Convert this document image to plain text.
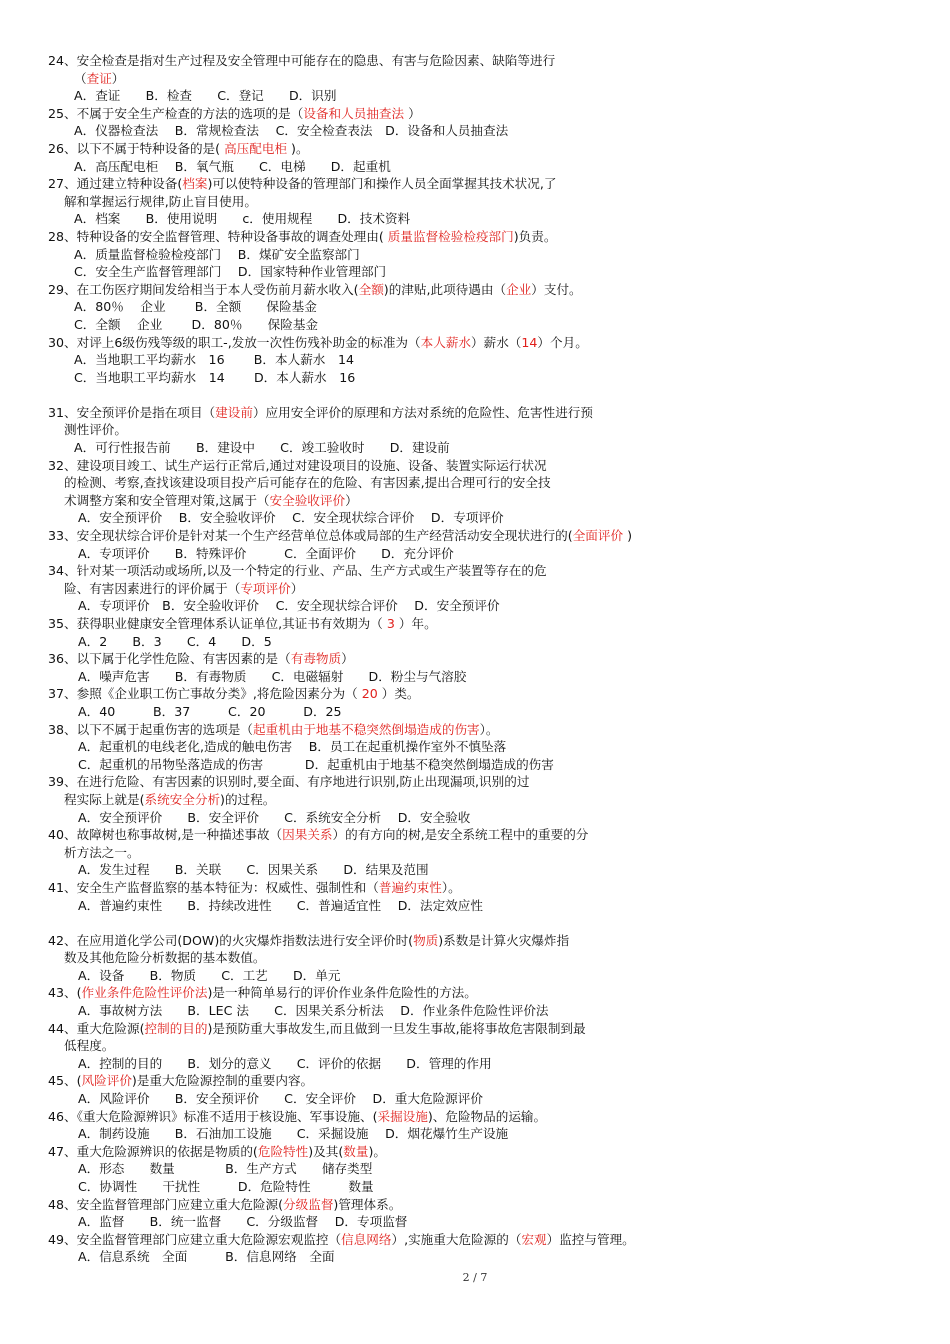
24、安全检查是指对生产过程及安全管理中可能存在的隐患、有害与危险因素、缺陷等进行
（查证）
A．查证　　B．检查　　C．登记　　D．识别
25、不属于安全生产检查的方法的选项的是（设备和人员抽查法 ）
A．仪器检查法　 B．常规检查法　 C．安全检查表法　D．设备和人员抽查法
26、以下不属于特种设备的是( 高压配电柜 )。
A．高压配电柜　 B．氧气瓶　　C．电梯　　D．起重机
27、通过建立特种设备(档案)可以使特种设备的管理部门和操作人员全面掌握其技术状况,了
解和掌握运行规律,防止盲目使用。
A．档案　　B．使用说明　　c．使用规程　　D．技术资料
28、特种设备的安全监督管理、特种设备事故的调查处理由( 质量监督检验检疫部门)负责。
A．质量监督检验检疫部门　 B．煤矿安全监察部门
C．安全生产监督管理部门　 D．国家特种作业管理部门
29、在工伤医疗期间发给相当于本人受伤前月薪水收入(全额)的津贴,此项待遇由（企业）支付。
A．80％　 企业　　 B．全额　　保险基金
C．全额　 企业　　 D．80％　　保险基金
30、对评上6级伤残等级的职工-,发放一次性伤残补助金的标准为（本人薪水）薪水（14）个月。
A．当地职工平均薪水　16　　 B．本人薪水　14
C．当地职工平均薪水　14　　 D．本人薪水　16
31、安全预评价是指在项目（建设前）应用安全评价的原理和方法对系统的危险性、危害性进行预
测性评价。
A．可行性报告前　　B．建设中　　C．竣工验收时　　D．建设前
32、建设项目竣工、试生产运行正常后,通过对建设项目的设施、设备、装置实际运行状况
的检测、考察,查找该建设项目投产后可能存在的危险、有害因素,提出合理可行的安全技
术调整方案和安全管理对策,这属于（安全验收评价）
A．安全预评价　 B．安全验收评价　 C．安全现状综合评价　 D．专项评价
33、安全现状综合评价是针对某一个生产经营单位总体或局部的生产经营活动安全现状进行的(全面评价 )
A．专项评价　　B．特殊评价　　　C．全面评价　　D．充分评价
34、针对某一项活动或场所,以及一个特定的行业、产品、生产方式或生产装置等存在的危
险、有害因素进行的评价属于（专项评价）
A．专项评价　B．安全验收评价　 C．安全现状综合评价　 D．安全预评价
35、获得职业健康安全管理体系认证单位,其证书有效期为（ 3 ）年。
A．2　　B．3　　C．4　　D．5
36、以下属于化学性危险、有害因素的是（有毒物质）
A．噪声危害　　B．有毒物质　　C．电磁辐射　　D．粉尘与气溶胶
37、参照《企业职工伤亡事故分类》,将危险因素分为（ 20 ）类。
A．40　　　B．37　　　C．20　　　D．25
38、以下不属于起重伤害的选项是（起重机由于地基不稳突然倒塌造成的伤害）。
A．起重机的电线老化,造成的触电伤害　 B．员工在起重机操作室外不慎坠落
C．起重机的吊物坠落造成的伤害　　　 D．起重机由于地基不稳突然倒塌造成的伤害
39、在进行危险、有害因素的识别时,要全面、有序地进行识别,防止出现漏项,识别的过
程实际上就是(系统安全分析)的过程。
A．安全预评价　　B．安全评价　　C．系统安全分析　 D．安全验收
40、故障树也称事故树,是一种描述事故（因果关系）的有方向的树,是安全系统工程中的重要的分
析方法之一。
A．发生过程　　B．关联　　C．因果关系　　D．结果及范围
41、安全生产监督监察的基本特征为：权威性、强制性和（普遍约束性）。
A．普遍约束性　　B．持续改进性　　C．普遍适宜性　 D．法定效应性
42、在应用道化学公司(DOW)的火灾爆炸指数法进行安全评价时(物质)系数是计算火灾爆炸指
数及其他危险分析数据的基本数值。
A．设备　　B．物质　　C．工艺　　D．单元
43、(作业条件危险性评价法)是一种简单易行的评价作业条件危险性的方法。
A．事故树方法　　B．LEC 法　　C．因果关系分析法　 D．作业条件危险性评价法
44、重大危险源(控制的目的)是预防重大事故发生,而且做到一旦发生事故,能将事故危害限制到最
低程度。
A．控制的目的　　B．划分的意义　　C．评价的依据　　D．管理的作用
45、(风险评价)是重大危险源控制的重要内容。
A．风险评价　　B．安全预评价　　C．安全评价　 D．重大危险源评价
46、《重大危险源辨识》标准不适用于核设施、军事设施、(采掘设施)、危险物品的运输。
A．制药设施　　B．石油加工设施　　C．采掘设施　 D．烟花爆竹生产设施
47、重大危险源辨识的依据是物质的(危险特性)及其(数量)。
A．形态　　数量　　　　B．生产方式　　储存类型
C．协调性　　干扰性　　　D．危险特性　　　数量
48、安全监督管理部门应建立重大危险源(分级监督)管理体系。
A．监督　　B．统一监督　　C．分级监督　 D．专项监督
49、安全监督管理部门应建立重大危险源宏观监控（信息网络）,实施重大危险源的（宏观）监控与管理。
A．信息系统　全面　　　B．信息网络　全面
2 / 7
